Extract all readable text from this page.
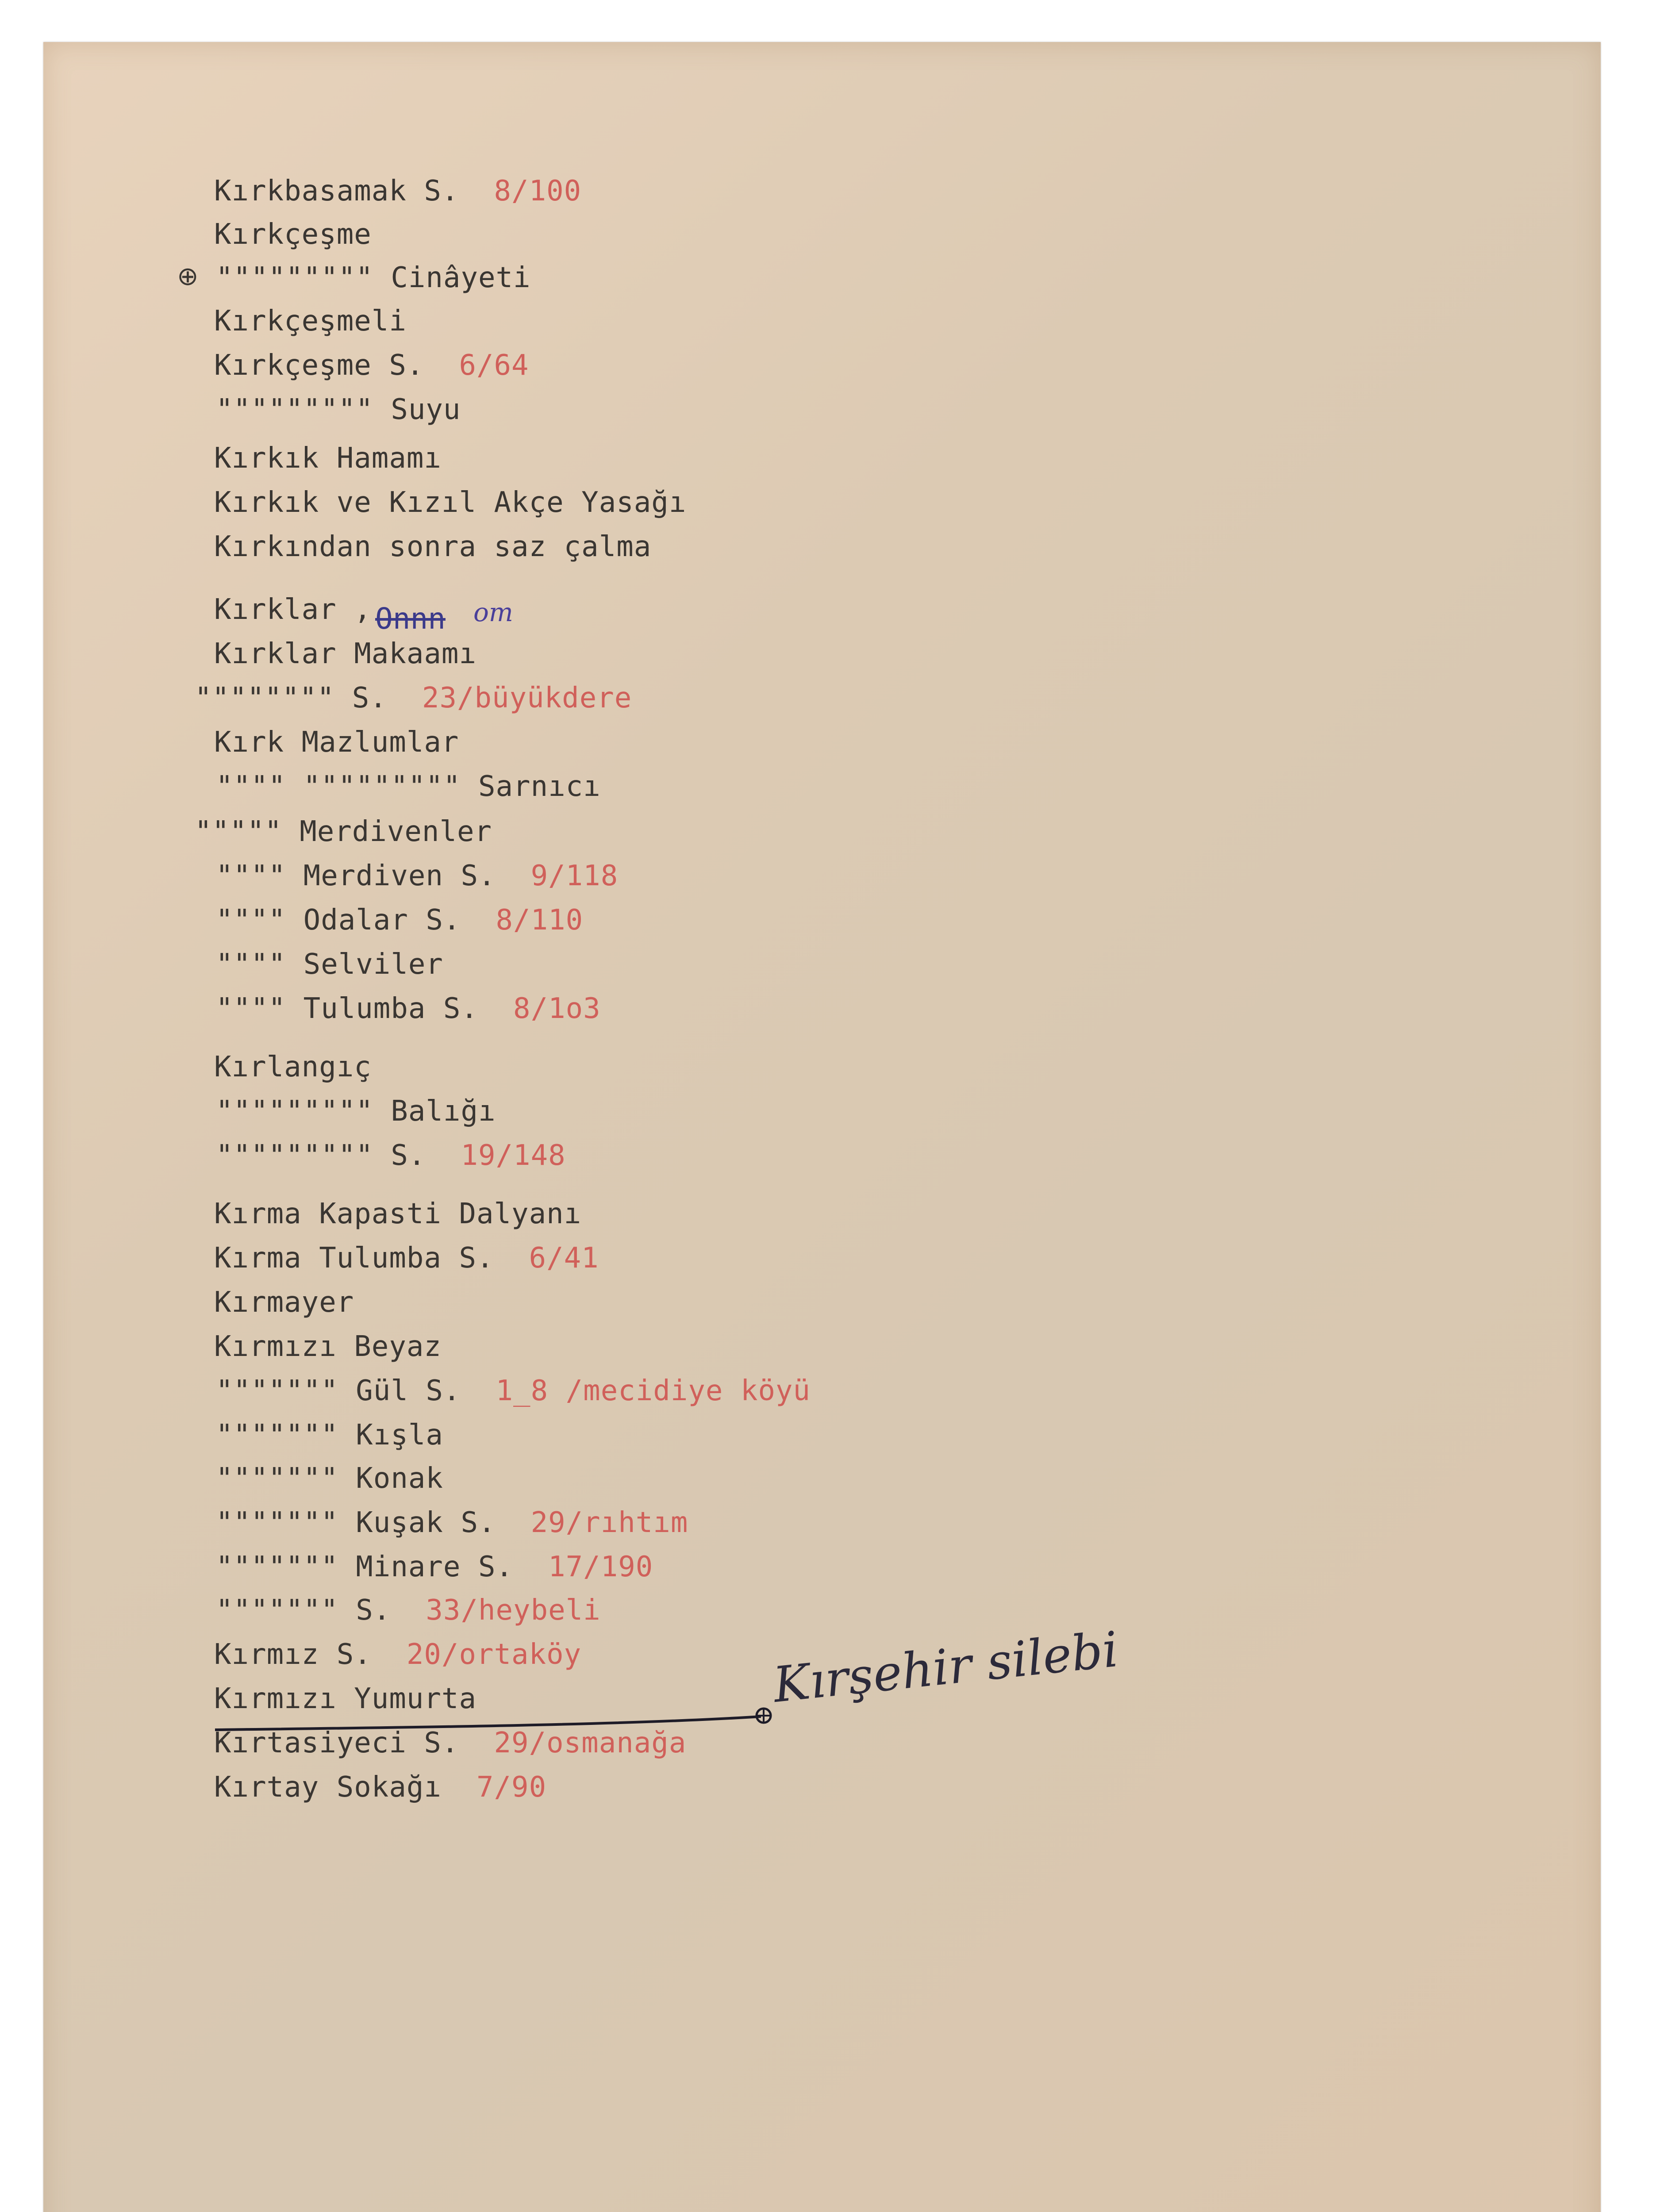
Kırkbasamak S. 8/100
Kırkçeşme
""""""""" Cinâyeti
Kırkçeşmeli
Kırkçeşme S. 6/64
""""""""" Suyu
Kırkık Hamamı
Kırkık ve Kızıl Akçe Yasağı
Kırkından sonra saz çalma
Kırklar ,
Kırklar Makaamı
"""""""" S. 23/büyükdere
Kırk Mazlumlar
"""" """"""""" Sarnıcı
""""" Merdivenler
"""" Merdiven S. 9/118
"""" Odalar S. 8/110
"""" Selviler
"""" Tulumba S. 8/1o3
Kırlangıç
""""""""" Balığı
""""""""" S. 19/148
Kırma Kapasti Dalyanı
Kırma Tulumba S. 6/41
Kırmayer
Kırmızı Beyaz
""""""" Gül S. 1_8 /mecidiye köyü
""""""" Kışla
""""""" Konak
""""""" Kuşak S. 29/rıhtım
""""""" Minare S. 17/190
""""""" S. 33/heybeli
Kırmız S. 20/ortaköy
Kırmızı Yumurta
Kırtasiyeci S. 29/osmanağa
Kırtay Sokağı 7/90
⊕
Onnn om
Kırşehir silebi
